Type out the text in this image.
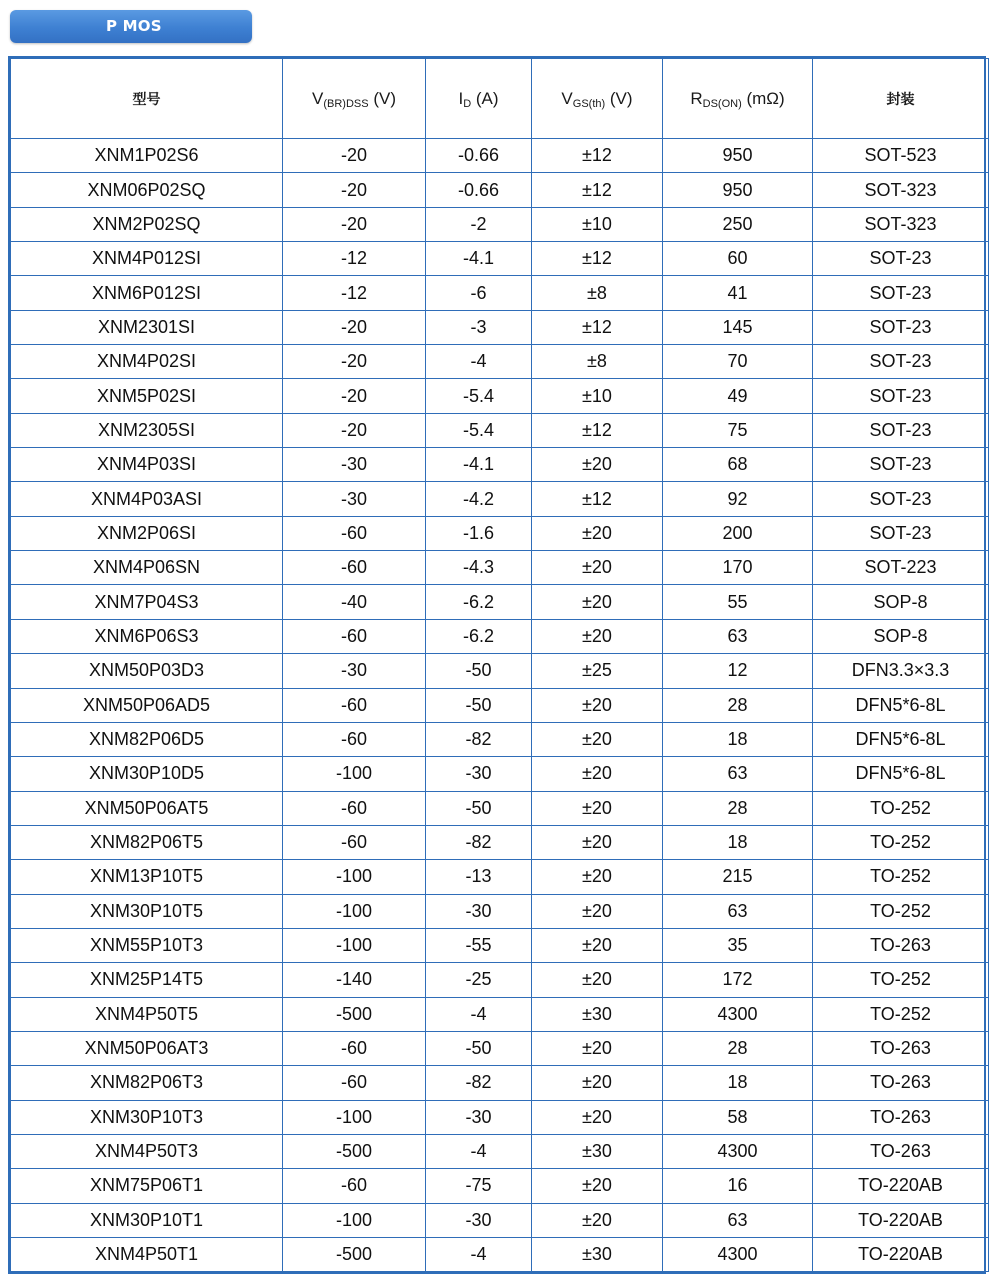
P MOS
型号	$V_{(BR)DSS}$ (V)	$I_D$ (A)	$V_{GS(th)}$ (V)	$R_{DS(ON)}$ (mΩ)	封装
XNM1P02S6	-20	-0.66	±12	950	SOT-523
XNM06P02SQ	-20	-0.66	±12	950	SOT-323
XNM2P02SQ	-20	-2	±10	250	SOT-323
XNM4P012SI	-12	-4.1	±12	60	SOT-23
XNM6P012SI	-12	-6	±8	41	SOT-23
XNM2301SI	-20	-3	±12	145	SOT-23
XNM4P02SI	-20	-4	±8	70	SOT-23
XNM5P02SI	-20	-5.4	±10	49	SOT-23
XNM2305SI	-20	-5.4	±12	75	SOT-23
XNM4P03SI	-30	-4.1	±20	68	SOT-23
XNM4P03ASI	-30	-4.2	±12	92	SOT-23
XNM2P06SI	-60	-1.6	±20	200	SOT-23
XNM4P06SN	-60	-4.3	±20	170	SOT-223
XNM7P04S3	-40	-6.2	±20	55	SOP-8
XNM6P06S3	-60	-6.2	±20	63	SOP-8
XNM50P03D3	-30	-50	±25	12	DFN3.3×3.3
XNM50P06AD5	-60	-50	±20	28	DFN5*6-8L
XNM82P06D5	-60	-82	±20	18	DFN5*6-8L
XNM30P10D5	-100	-30	±20	63	DFN5*6-8L
XNM50P06AT5	-60	-50	±20	28	TO-252
XNM82P06T5	-60	-82	±20	18	TO-252
XNM13P10T5	-100	-13	±20	215	TO-252
XNM30P10T5	-100	-30	±20	63	TO-252
XNM55P10T3	-100	-55	±20	35	TO-263
XNM25P14T5	-140	-25	±20	172	TO-252
XNM4P50T5	-500	-4	±30	4300	TO-252
XNM50P06AT3	-60	-50	±20	28	TO-263
XNM82P06T3	-60	-82	±20	18	TO-263
XNM30P10T3	-100	-30	±20	58	TO-263
XNM4P50T3	-500	-4	±30	4300	TO-263
XNM75P06T1	-60	-75	±20	16	TO-220AB
XNM30P10T1	-100	-30	±20	63	TO-220AB
XNM4P50T1	-500	-4	±30	4300	TO-220AB
